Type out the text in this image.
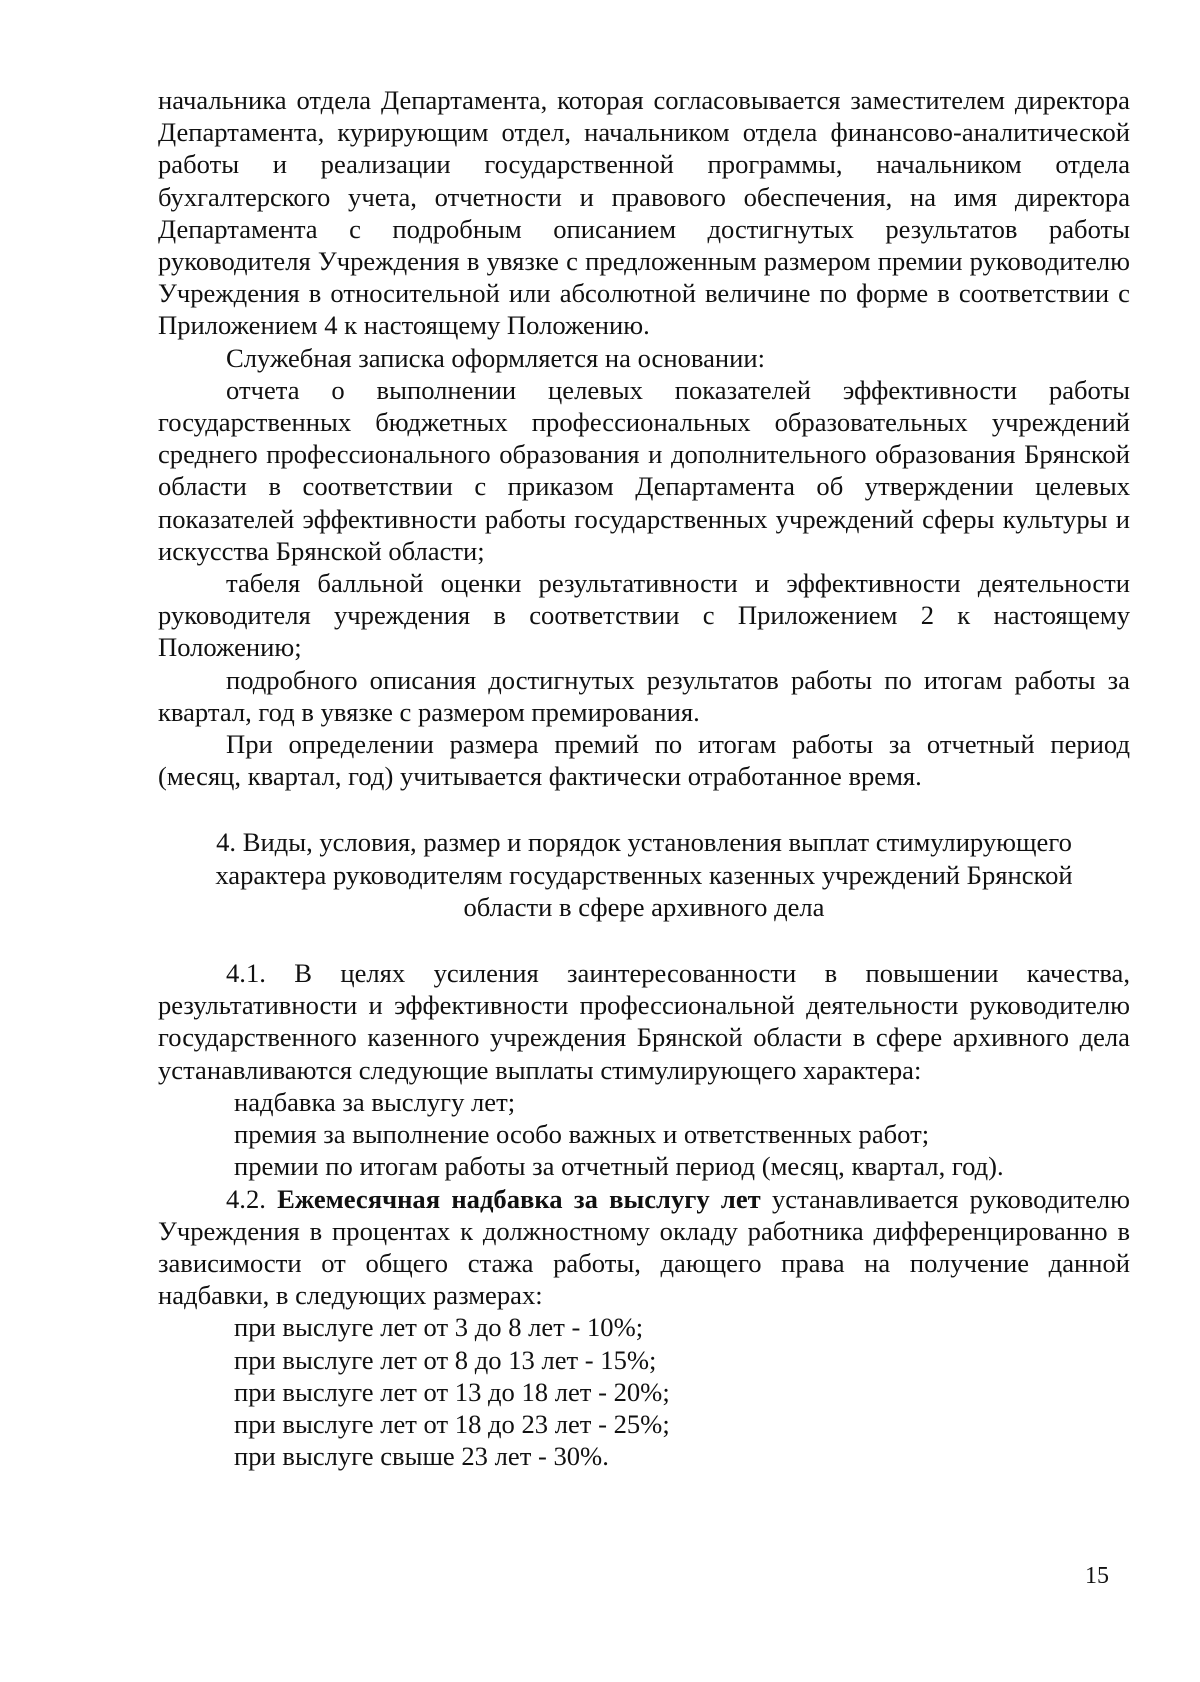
начальника отдела Департамента, которая согласовывается заместителем директора Департамента, курирующим отдел, начальником отдела финансово-аналитической работы и реализации государственной программы, начальником отдела бухгалтерского учета, отчетности и правового обеспечения, на имя директора Департамента с подробным описанием достигнутых результатов работы руководителя Учреждения в увязке с предложенным размером премии руководителю Учреждения в относительной или абсолютной величине по форме в соответствии с Приложением 4 к настоящему Положению.

Служебная записка оформляется на основании:

отчета о выполнении целевых показателей эффективности работы государственных бюджетных профессиональных образовательных учреждений среднего профессионального образования и дополнительного образования Брянской области в соответствии с приказом Департамента об утверждении целевых показателей эффективности работы государственных учреждений сферы культуры и искусства Брянской области;

табеля балльной оценки результативности и эффективности деятельности руководителя учреждения в соответствии с Приложением 2 к настоящему Положению;

подробного описания достигнутых результатов работы по итогам работы за квартал, год в увязке с размером премирования.

При определении размера премий по итогам работы за отчетный период (месяц, квартал, год) учитывается фактически отработанное время.

4. Виды, условия, размер и порядок установления выплат стимулирующего характера руководителям государственных казенных учреждений Брянской области в сфере архивного дела

4.1. В целях усиления заинтересованности в повышении качества, результативности и эффективности профессиональной деятельности руководителю государственного казенного учреждения Брянской области в сфере архивного дела устанавливаются следующие выплаты стимулирующего характера:

надбавка за выслугу лет;

премия за выполнение особо важных и ответственных работ;

премии по итогам работы за отчетный период (месяц, квартал, год).

4.2. Ежемесячная надбавка за выслугу лет устанавливается руководителю Учреждения в процентах к должностному окладу работника дифференцированно в зависимости от общего стажа работы, дающего права на получение данной надбавки, в следующих размерах:

при выслуге лет от 3 до 8 лет - 10%;

при выслуге лет от 8 до 13 лет - 15%;

при выслуге лет от 13 до 18 лет - 20%;

при выслуге лет от 18 до 23 лет - 25%;

при выслуге свыше 23 лет - 30%.

15
